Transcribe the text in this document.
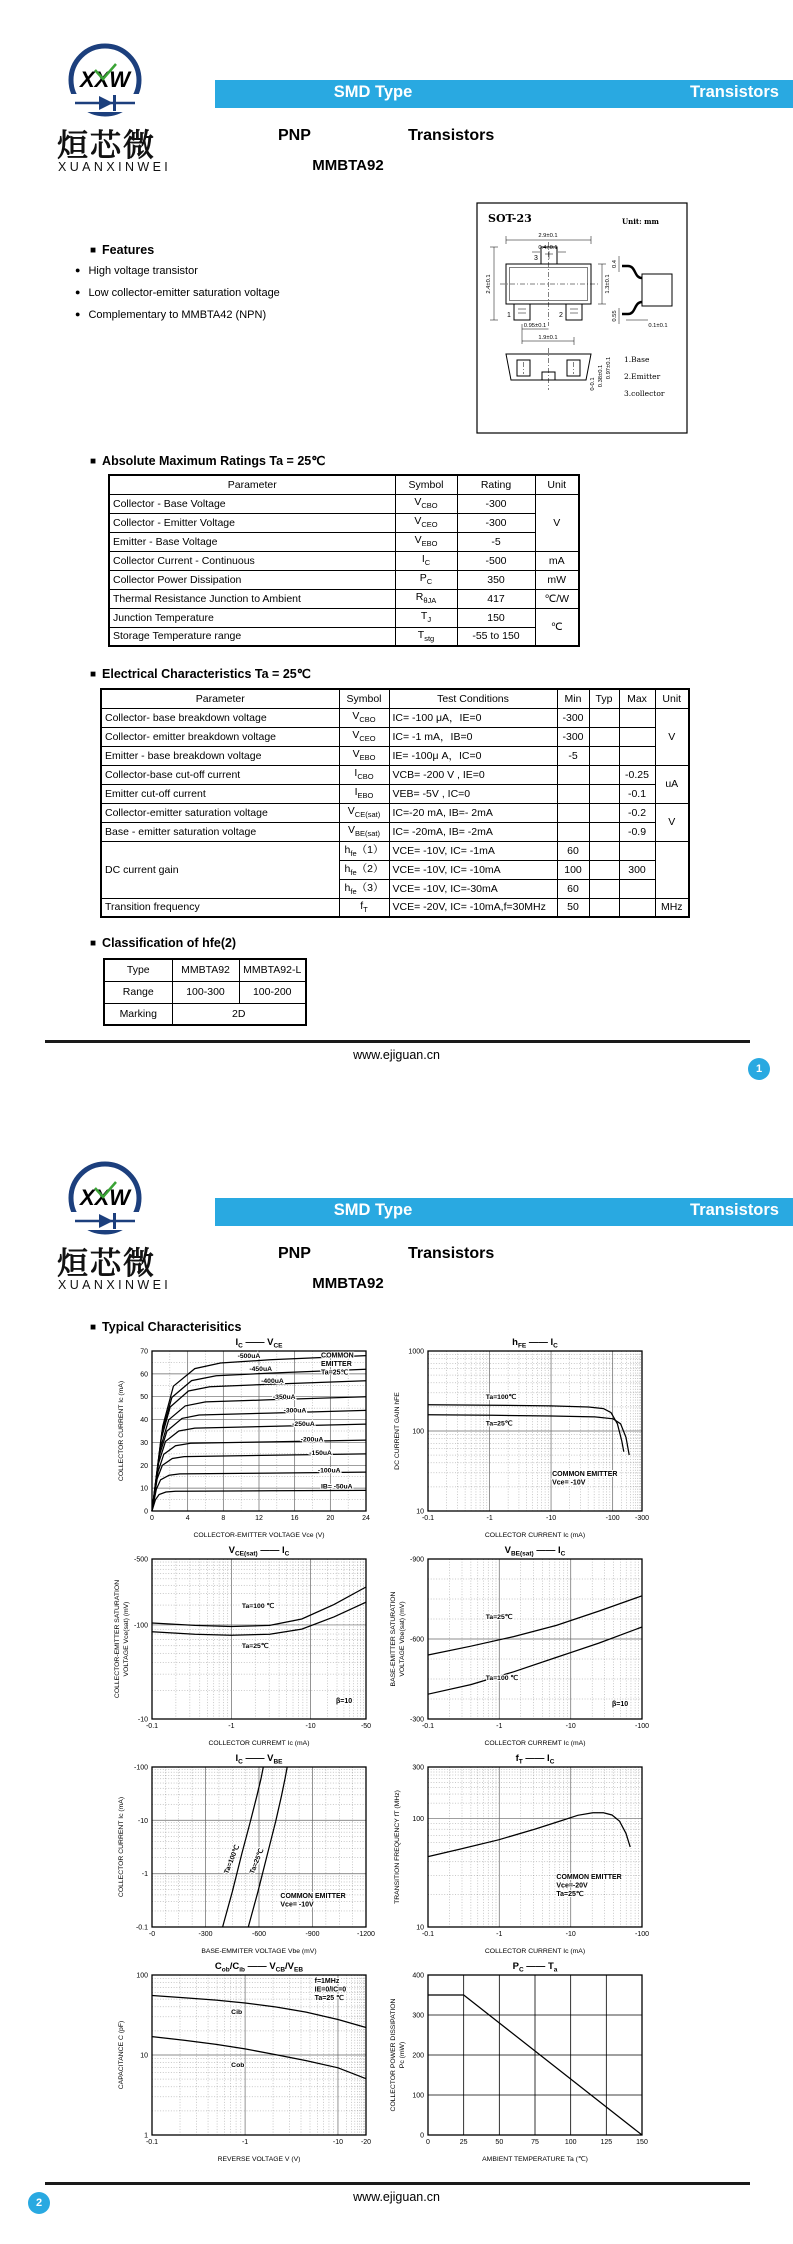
XXW
烜芯微
XUANXINWEI
SMD Type	Transistors
PNP	Transistors
MMBTA92
■ Features
● High voltage transistor
● Low collector-emitter saturation voltage
● Complementary to MMBTA42 (NPN)
SOT-23	Unit: mm
2.9±0.1
0.4±0.1
3
1	2
2.4±0.1	1.3±0.1
0.95±0.1
1.9±0.1
0.4
0.55
0.1±0.1
0.97±0.1
0.38±0.1
0-0.1
1.Base
2.Emitter
3.collector
■ Absolute Maximum Ratings Ta = 25℃
Parameter	Symbol	Rating	Unit
Collector - Base Voltage	$V_{CBO}$	-300	V
Collector - Emitter Voltage	$V_{CEO}$	-300	
Emitter - Base Voltage	$V_{EBO}$	-5	
Collector Current - Continuous	$I_C$	-500	mA
Collector Power Dissipation	$P_C$	350	mW
Thermal Resistance Junction to Ambient	$R_{\theta JA}$	417	℃/W
Junction Temperature	$T_J$	150	℃
Storage Temperature range	$T_{stg}$	-55 to 150	
■ Electrical Characteristics Ta = 25℃
Parameter	Symbol	Test Conditions	Min	Typ	Max	Unit
Collector- base breakdown voltage	$V_{CBO}$	IC= -100 μA，IE=0	-300			V
Collector- emitter breakdown voltage	$V_{CEO}$	IC= -1 mA，IB=0	-300			
Emitter - base breakdown voltage	$V_{EBO}$	IE= -100μ A，IC=0	-5			
Collector-base cut-off current	$I_{CBO}$	VCB= -200 V , IE=0			-0.25	uA
Emitter cut-off current	$I_{EBO}$	VEB= -5V , IC=0			-0.1	
Collector-emitter saturation voltage	$V_{CE(sat)}$	IC=-20 mA, IB=- 2mA			-0.2	V
Base - emitter saturation voltage	$V_{BE(sat)}$	IC= -20mA, IB= -2mA			-0.9	
DC current gain	$h_{fe}(1)$	VCE= -10V, IC= -1mA	60			
	$h_{fe}(2)$	VCE= -10V, IC= -10mA	100		300	
	$h_{fe}(3)$	VCE= -10V, IC=-30mA	60			
Transition frequency	$f_T$	VCE= -20V, IC= -10mA,f=30MHz	50			MHz
■ Classification of hfe(2)
Type	MMBTA92	MMBTA92-L
Range	100-300	100-200
Marking	2D	
www.ejiguan.cn
1
XXW
烜芯微
XUANXINWEI
SMD Type	Transistors
PNP	Transistors
MMBTA92
■ Typical Characterisitics
0	4	8	12	16	20	24
0
10
20
30
40
50
60
70
COLLECTOR CURRENT Ic (mA)
COLLECTOR-EMITTER VOLTAGE Vce (V)
IC —— VCE
-500uA
-450uA
-400uA
-350uA
-300uA
-250uA
-200uA
-150uA
-100uA
IB= -50uA
COMMON
EMITTER
Ta=25℃
-0.1	-1	-10	-100 -300
10
100
1000
DC CURRENT GAIN hFE
COLLECTOR CURRENT Ic (mA)
hFE —— IC
Ta=100℃
Ta=25℃
COMMON EMITTER
Vce= -10V
-0.1	-1	-10	-50
-10
-100
-500
COLLECTOR-EMITTER SATURATION VOLTAGE Vce(sat) (mV)
COLLECTOR CURREMT Ic (mA)
VCE(sat) —— IC
Ta=100 ℃
Ta=25℃
β=10
-0.1	-1	-10	-100
-300
-600
-900
BASE-EMITTER SATURATION VOLTAGE Vbe(sat) (mV)
COLLECTOR CURREMT Ic (mA)
VBE(sat) —— IC
Ta=25℃
Ta=100 ℃
β=10
-0	-300	-600	-900	-1200
-0.1
-1
-10
-100
COLLECTOR CURRENT Ic (mA)
BASE-EMMITER VOLTAGE Vbe (mV)
IC —— VBE
Ta=100℃ Ta=25℃
COMMON EMITTER
Vce= -10V
-0.1	-1	-10	-100
10
100
300
TRANSITION FREQUENCY fT (MHz)
COLLECTOR CURRENT Ic (mA)
fT —— IC
COMMON EMITTER
Vce=-20V
Ta=25℃
-0.1	-1	-10	-20
1
10
100
CAPACITANCE C (pF)
REVERSE VOLTAGE V (V)
Cob/Cib —— VCB/VEB
Cib
Cob
f=1MHz
IE=0/IC=0
Ta=25 ℃
0	25	50	75	100	125	150
0
100
200
300
400
COLLECTOR POWER DISSIPATION Pc (mW)
AMBIENT TEMPERATURE Ta (℃)
PC —— Ta
www.ejiguan.cn
2
